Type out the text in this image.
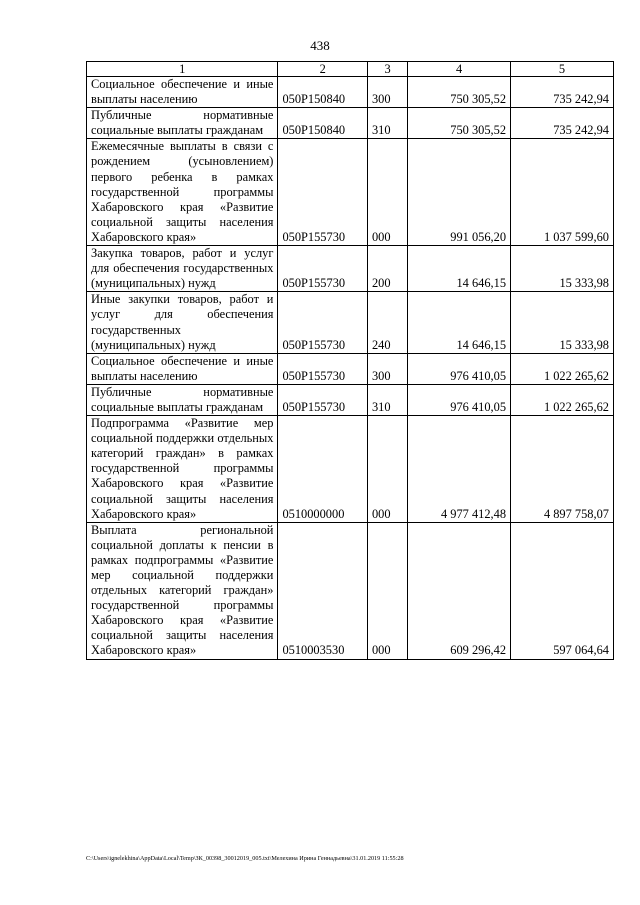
438
1	2	3	4	5
Социальное обеспечение и иные выплаты населению	050P150840	300	750 305,52	735 242,94
Публичные нормативные социальные выплаты гражданам	050P150840	310	750 305,52	735 242,94
Ежемесячные выплаты в связи с рождением (усыновлением) первого ребенка в рамках государственной программы Хабаровского края «Развитие социальной защиты населения Хабаровского края»	050P155730	000	991 056,20	1 037 599,60
Закупка товаров, работ и услуг для обеспечения государственных (муниципальных) нужд	050P155730	200	14 646,15	15 333,98
Иные закупки товаров, работ и услуг для обеспечения государственных (муниципальных) нужд	050P155730	240	14 646,15	15 333,98
Социальное обеспечение и иные выплаты населению	050P155730	300	976 410,05	1 022 265,62
Публичные нормативные социальные выплаты гражданам	050P155730	310	976 410,05	1 022 265,62
Подпрограмма «Развитие мер социальной поддержки отдельных категорий граждан» в рамках государственной программы Хабаровского края «Развитие социальной защиты населения Хабаровского края»	0510000000	000	4 977 412,48	4 897 758,07
Выплата региональной социальной доплаты к пенсии в рамках подпрограммы «Развитие мер социальной поддержки отдельных категорий граждан» государственной программы Хабаровского края «Развитие социальной защиты населения Хабаровского края»	0510003530	000	609 296,42	597 064,64
C:\Users\ignelekhina\AppData\Local\Temp\ЗК_00398_30012019_005.txt\Мелехина Ирина Геннадьевна\31.01.2019 11:55:28
